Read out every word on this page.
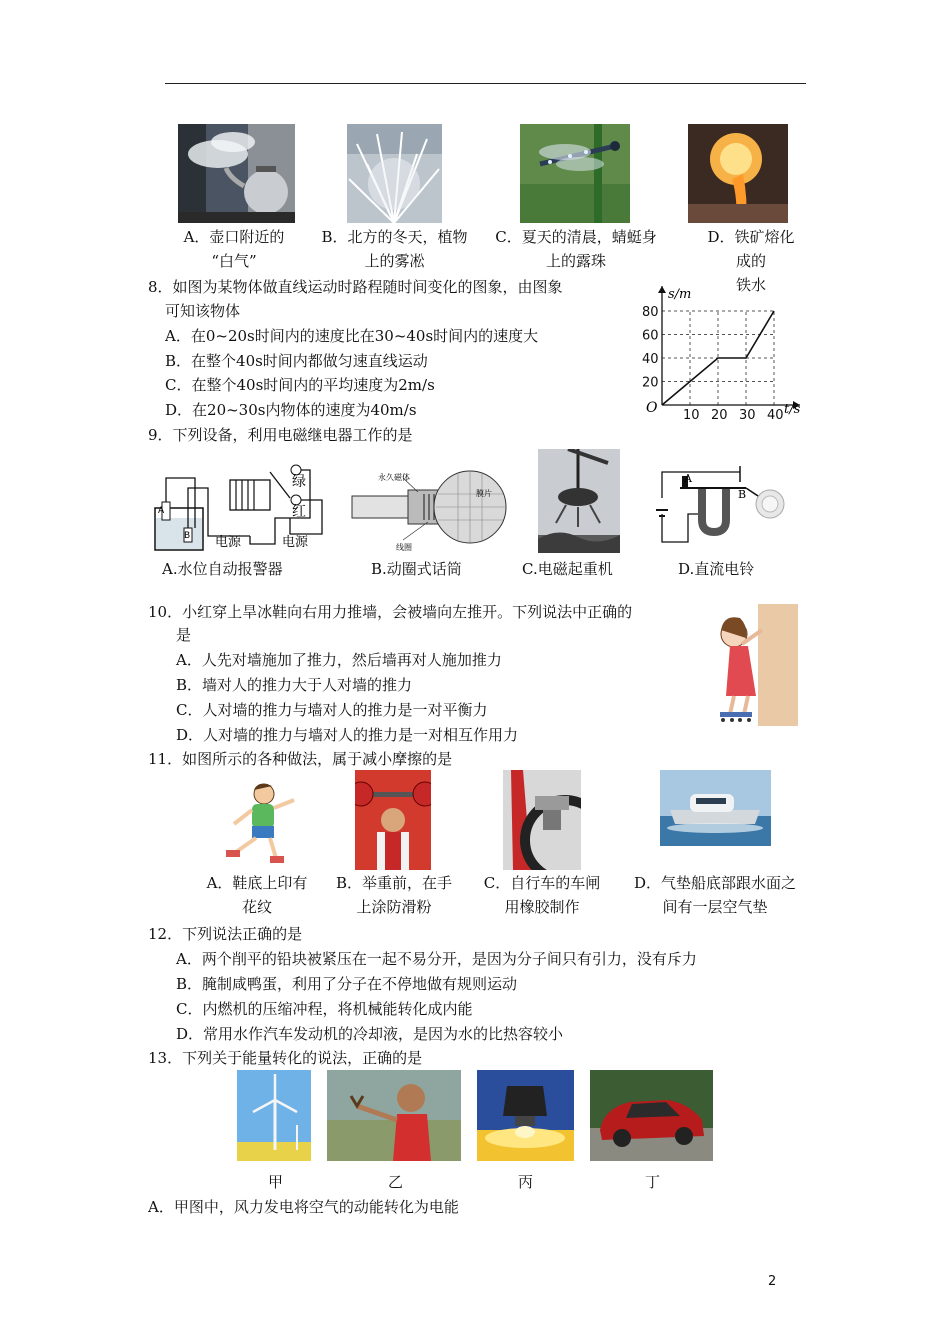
A．壶口附近的
“白气”
B．北方的冬天，植物
上的雾凇
C．夏天的清晨，蜻蜓身
上的露珠
D．铁矿熔化成的
铁水
8．如图为某物体做直线运动时路程随时间变化的图象，由图象
可知该物体
A．在0~20s时间内的速度比在30~40s时间内的速度大
B．在整个40s时间内都做匀速直线运动
C．在整个40s时间内的平均速度为2m/s
D．在20~30s内物体的速度为40m/s	10 20 30 40
20
40
60
80
O
s/m
t/s
9．下列设备，利用电磁继电器工作的是
电源	电源
绿
红
A
B
永久磁体
线圈
膜片
A
B
A.水位自动报警器	B.动圈式话筒	C.电磁起重机	D.直流电铃
10．小红穿上旱冰鞋向右用力推墙，会被墙向左推开。下列说法中正确的
是
A．人先对墙施加了推力，然后墙再对人施加推力
B．墙对人的推力大于人对墙的推力
C．人对墙的推力与墙对人的推力是一对平衡力
D．人对墙的推力与墙对人的推力是一对相互作用力
11．如图所示的各种做法，属于减小摩擦的是
A．鞋底上印有
花纹
B．举重前，在手
上涂防滑粉
C．自行车的车闸
用橡胶制作
D．气垫船底部跟水面之
间有一层空气垫
12．下列说法正确的是
A．两个削平的铅块被紧压在一起不易分开，是因为分子间只有引力，没有斥力
B．腌制咸鸭蛋，利用了分子在不停地做有规则运动
C．内燃机的压缩冲程，将机械能转化成内能
D．常用水作汽车发动机的冷却液，是因为水的比热容较小
13．下列关于能量转化的说法，正确的是
甲	乙	丙	丁
A．甲图中，风力发电将空气的动能转化为电能
2
